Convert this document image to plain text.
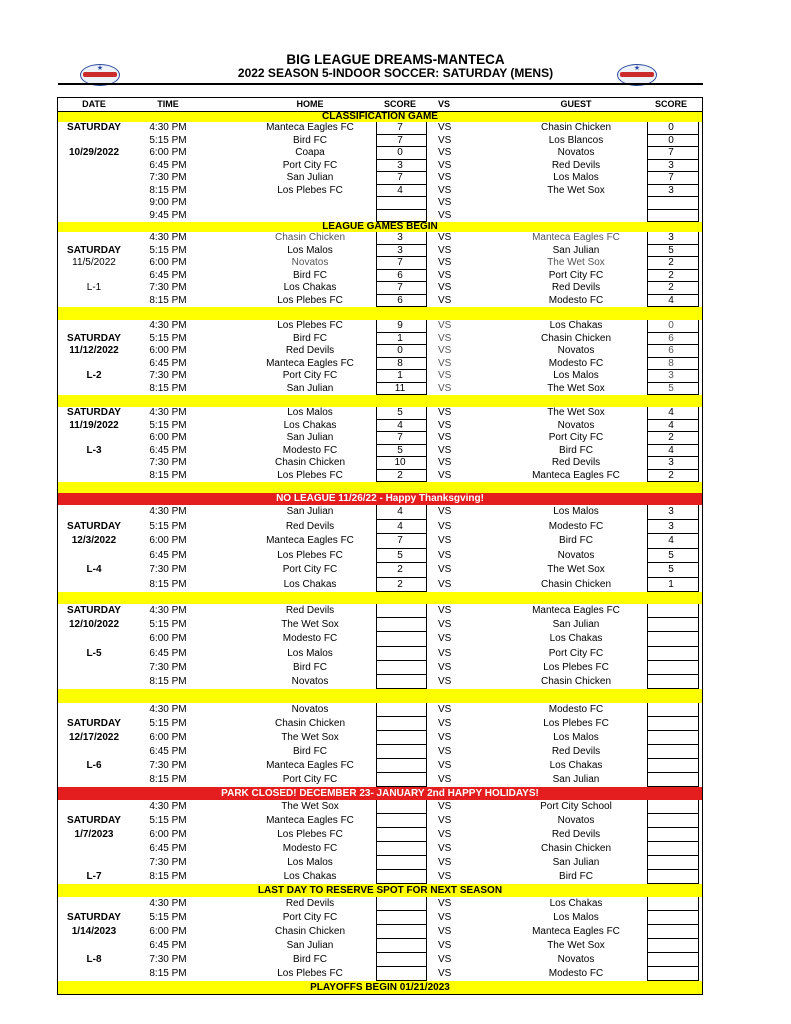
BIG LEAGUE DREAMS-MANTECA
2022 SEASON 5-INDOOR SOCCER: SATURDAY (MENS)
★	★
DATE	TIME	HOME	SCORE	VS	GUEST	SCORE
CLASSIFICATION GAME
SATURDAY	4:30 PM	Manteca Eagles FC	7	VS	Chasin Chicken	0
5:15 PM	Bird FC	7	VS	Los Blancos	0
10/29/2022	6:00 PM	Coapa	0	VS	Novatos	7
6:45 PM	Port City FC	3	VS	Red Devils	3
7:30 PM	San Julian	7	VS	Los Malos	7
8:15 PM	Los Plebes FC	4	VS	The Wet Sox	3
9:00 PM	VS
9:45 PM	VS
LEAGUE GAMES BEGIN
4:30 PM	Chasin Chicken	3	VS	Manteca Eagles FC	3
SATURDAY	5:15 PM	Los Malos	3	VS	San Julian	5
11/5/2022	6:00 PM	Novatos	7	VS	The Wet Sox	2
6:45 PM	Bird FC	6	VS	Port City FC	2
L-1	7:30 PM	Los Chakas	7	VS	Red Devils	2
8:15 PM	Los Plebes FC	6	VS	Modesto FC	4
4:30 PM	Los Plebes FC	9	VS	Los Chakas	0
SATURDAY	5:15 PM	Bird FC	1	VS	Chasin Chicken	6
11/12/2022	6:00 PM	Red Devils	0	VS	Novatos	6
6:45 PM	Manteca Eagles FC	8	VS	Modesto FC	8
L-2	7:30 PM	Port City FC	1	VS	Los Malos	3
8:15 PM	San Julian	11	VS	The Wet Sox	5
SATURDAY	4:30 PM	Los Malos	5	VS	The Wet Sox	4
11/19/2022	5:15 PM	Los Chakas	4	VS	Novatos	4
6:00 PM	San Julian	7	VS	Port City FC	2
L-3	6:45 PM	Modesto FC	5	VS	Bird FC	4
7:30 PM	Chasin Chicken	10	VS	Red Devils	3
8:15 PM	Los Plebes FC	2	VS	Manteca Eagles FC	2
NO LEAGUE 11/26/22 - Happy Thanksgving!
4:30 PM	San Julian	4	VS	Los Malos	3
SATURDAY	5:15 PM	Red Devils	4	VS	Modesto FC	3
12/3/2022	6:00 PM	Manteca Eagles FC	7	VS	Bird FC	4
6:45 PM	Los Plebes FC	5	VS	Novatos	5
L-4	7:30 PM	Port City FC	2	VS	The Wet Sox	5
8:15 PM	Los Chakas	2	VS	Chasin Chicken	1
SATURDAY	4:30 PM	Red Devils	VS	Manteca Eagles FC
12/10/2022	5:15 PM	The Wet Sox	VS	San Julian
6:00 PM	Modesto FC	VS	Los Chakas
L-5	6:45 PM	Los Malos	VS	Port City FC
7:30 PM	Bird FC	VS	Los Plebes FC
8:15 PM	Novatos	VS	Chasin Chicken
4:30 PM	Novatos	VS	Modesto FC
SATURDAY	5:15 PM	Chasin Chicken	VS	Los Plebes FC
12/17/2022	6:00 PM	The Wet Sox	VS	Los Malos
6:45 PM	Bird FC	VS	Red Devils
L-6	7:30 PM	Manteca Eagles FC	VS	Los Chakas
8:15 PM	Port City FC	VS	San Julian
PARK CLOSED! DECEMBER 23- JANUARY 2nd HAPPY HOLIDAYS!
4:30 PM	The Wet Sox	VS	Port City School
SATURDAY	5:15 PM	Manteca Eagles FC	VS	Novatos
1/7/2023	6:00 PM	Los Plebes FC	VS	Red Devils
6:45 PM	Modesto FC	VS	Chasin Chicken
7:30 PM	Los Malos	VS	San Julian
L-7	8:15 PM	Los Chakas	VS	Bird FC
LAST DAY TO RESERVE SPOT FOR NEXT SEASON
4:30 PM	Red Devils	VS	Los Chakas
SATURDAY	5:15 PM	Port City FC	VS	Los Malos
1/14/2023	6:00 PM	Chasin Chicken	VS	Manteca Eagles FC
6:45 PM	San Julian	VS	The Wet Sox
L-8	7:30 PM	Bird FC	VS	Novatos
8:15 PM	Los Plebes FC	VS	Modesto FC
PLAYOFFS BEGIN 01/21/2023
